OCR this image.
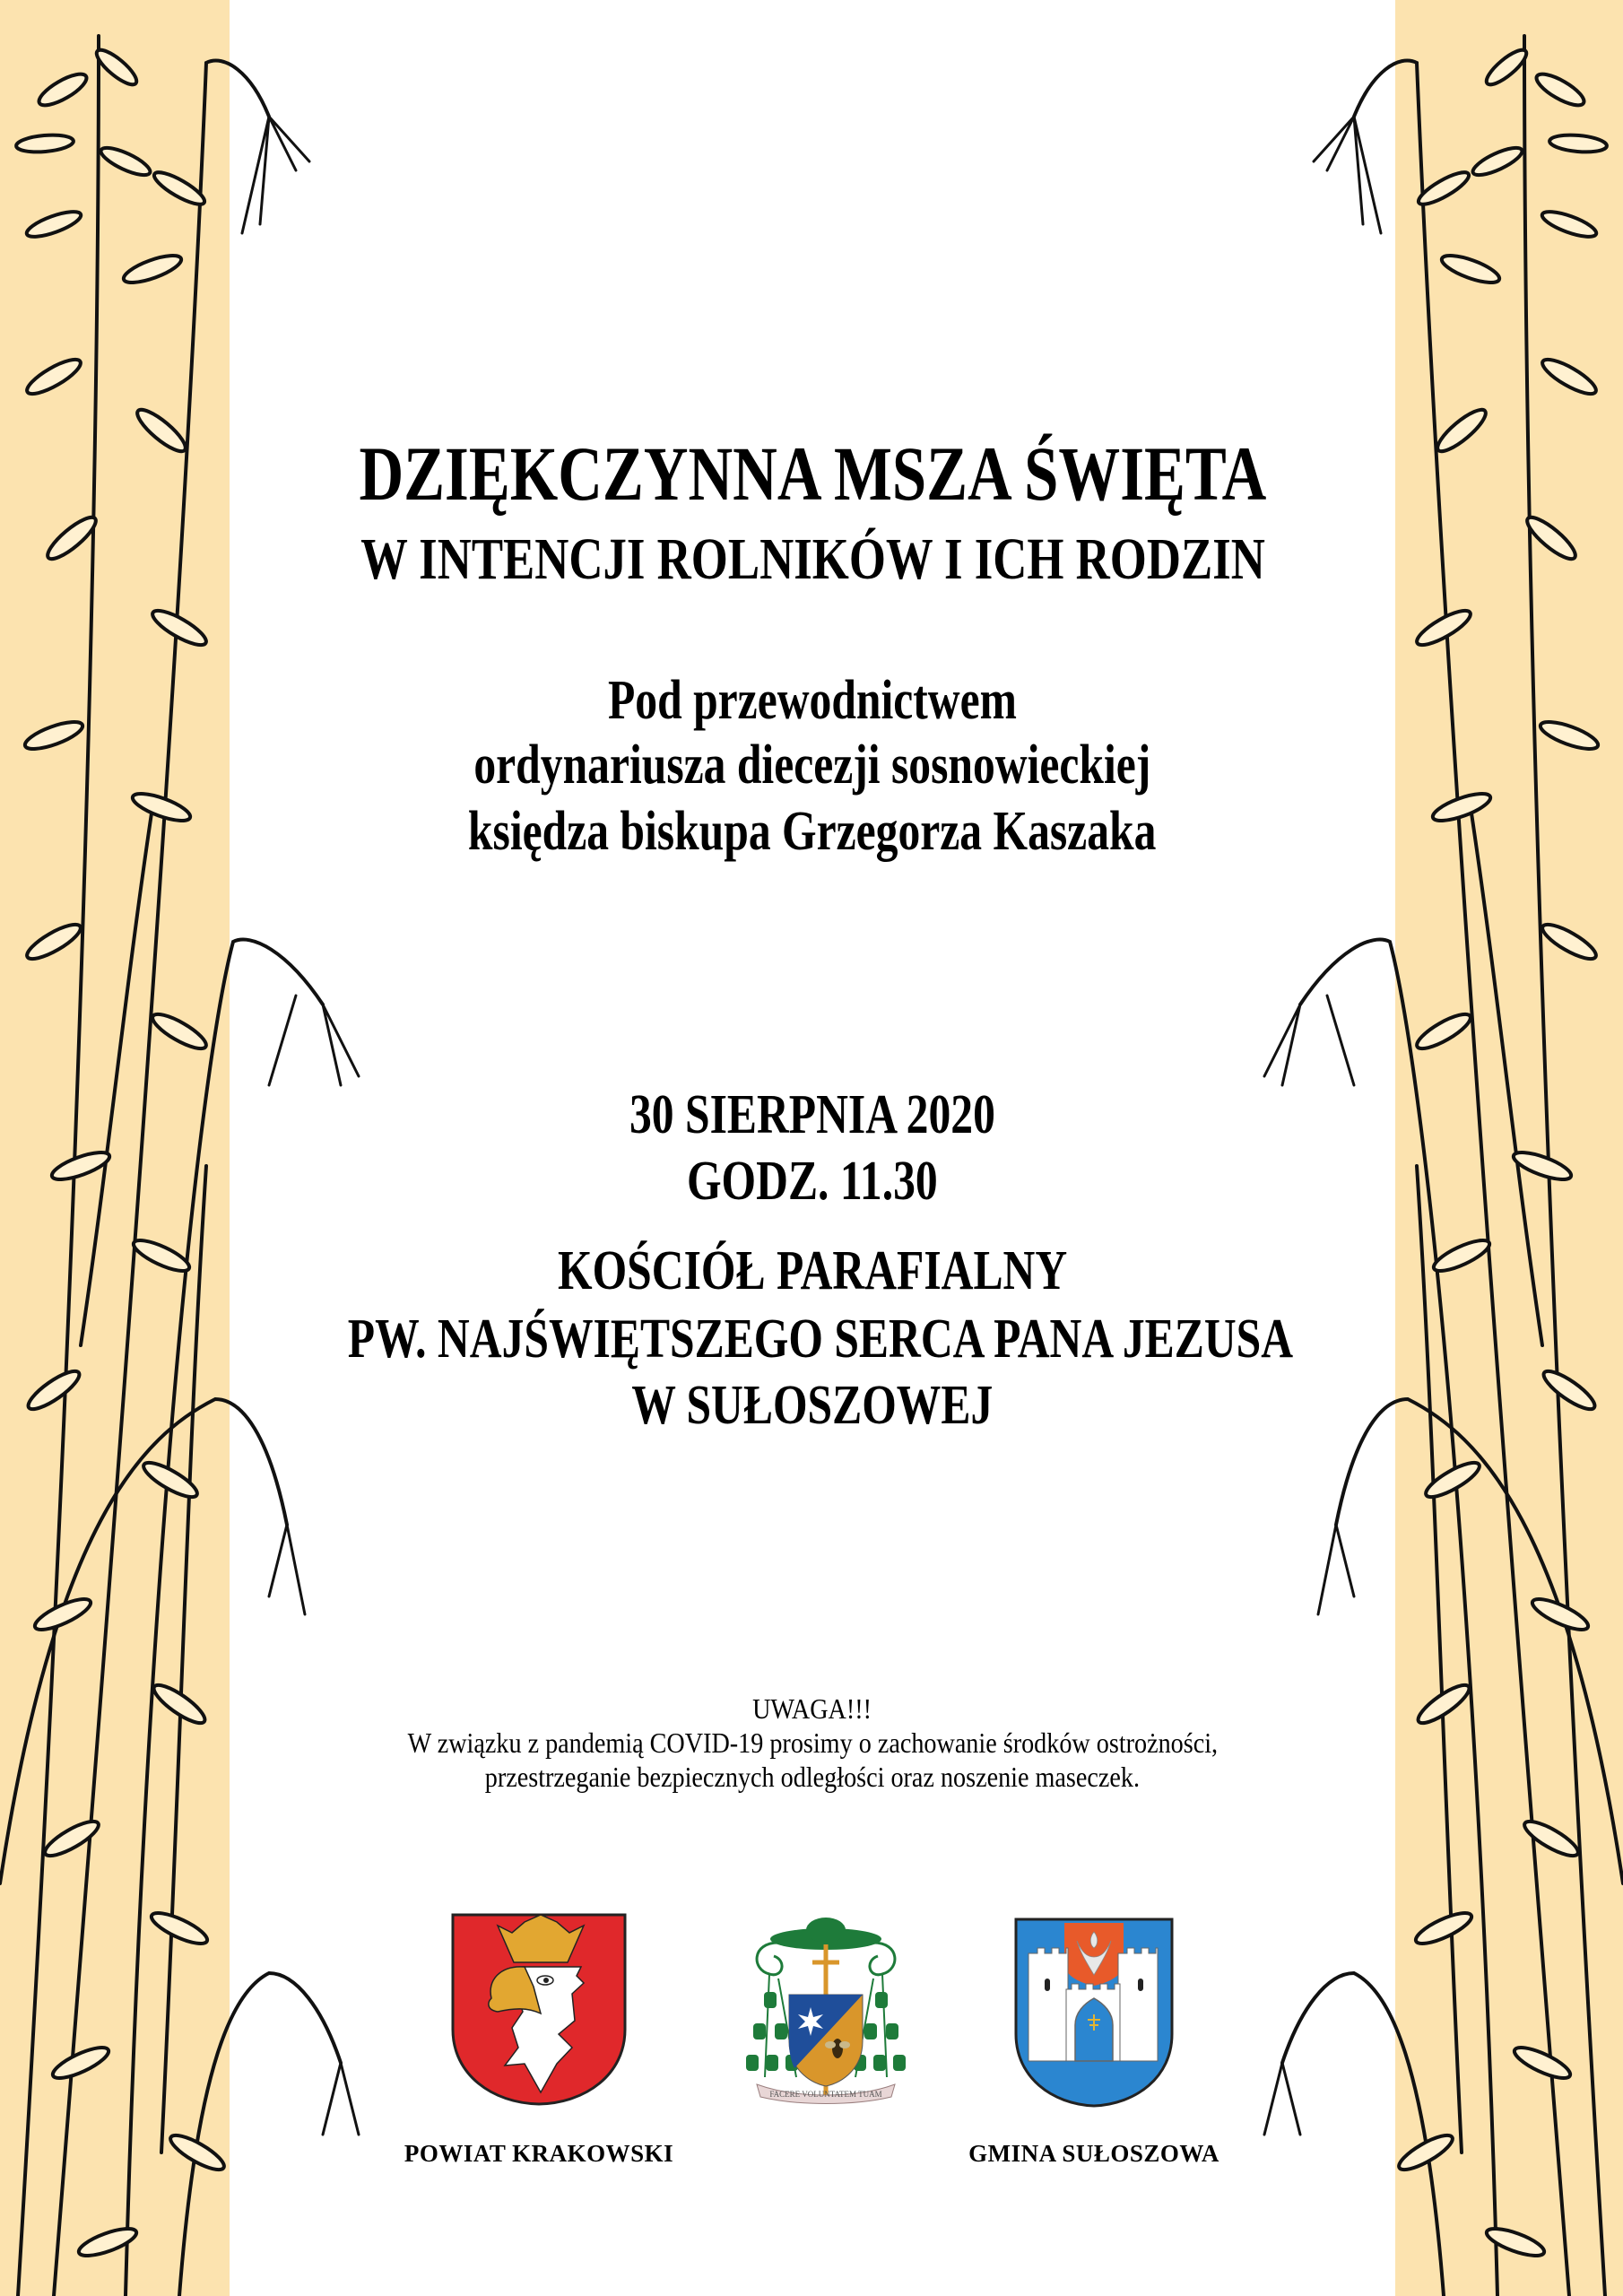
DZIĘKCZYNNA MSZA ŚWIĘTA
W INTENCJI ROLNIKÓW I ICH RODZIN
Pod przewodnictwem
ordynariusza diecezji sosnowieckiej
księdza biskupa Grzegorza Kaszaka
30 SIERPNIA 2020
GODZ. 11.30
KOŚCIÓŁ PARAFIALNY
PW. NAJŚWIĘTSZEGO SERCA PANA JEZUSA
W SUŁOSZOWEJ
UWAGA!!!
W związku z pandemią COVID-19 prosimy o zachowanie środków ostrożności,
przestrzeganie bezpiecznych odległości oraz noszenie maseczek.
POWIAT KRAKOWSKI
FACERE VOLUNTATEM TUAM
GMINA SUŁOSZOWA
